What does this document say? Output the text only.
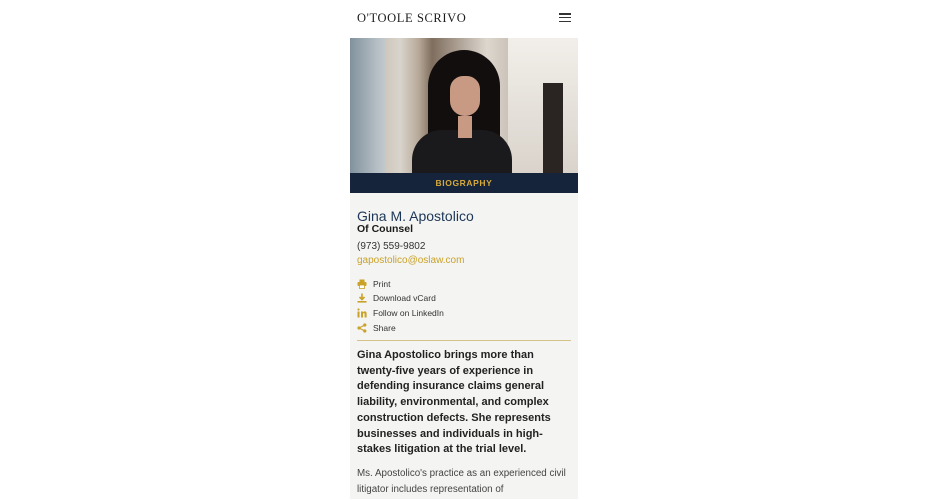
O'TOOLE SCRIVO
BIOGRAPHY
Gina M. Apostolico
Of Counsel
(973) 559-9802
gapostolico@oslaw.com
Print
Download vCard
Follow on LinkedIn
Share
Gina Apostolico brings more than twenty-five years of experience in defending insurance claims general liability, environmental, and complex construction defects. She represents businesses and individuals in high-stakes litigation at the trial level.
Ms. Apostolico's practice as an experienced civil litigator includes representation of
